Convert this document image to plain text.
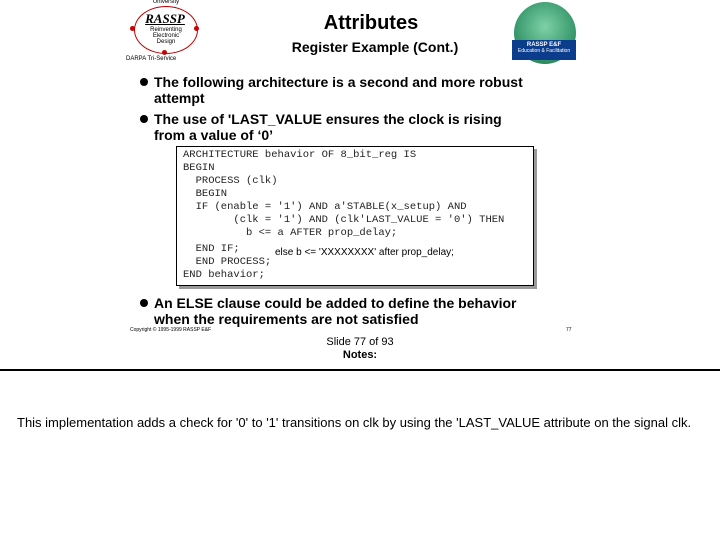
University
RASSP
Reinventing Electronic Design
DARPA Tri-Service
Attributes
Register Example (Cont.)	RASSP E&F
Education & Facilitation
The following architecture is a second and more robust attempt
The use of 'LAST_VALUE ensures the clock is rising from a value of ‘0’
ARCHITECTURE behavior OF 8_bit_reg IS
BEGIN
PROCESS (clk)
BEGIN
IF (enable = '1') AND a'STABLE(x_setup) AND
(clk = '1') AND (clk'LAST_VALUE = '0') THEN
b <= a AFTER prop_delay;
END IF;
END PROCESS;
END behavior;
else b <= 'XXXXXXXX' after prop_delay;
An ELSE clause could be added to define the behavior when the requirements are not satisfied
Copyright © 1995-1999 RASSP E&F	77
Slide 77 of 93
Notes:
This implementation adds a check for '0' to '1' transitions on clk by using the 'LAST_VALUE attribute on the signal clk.
